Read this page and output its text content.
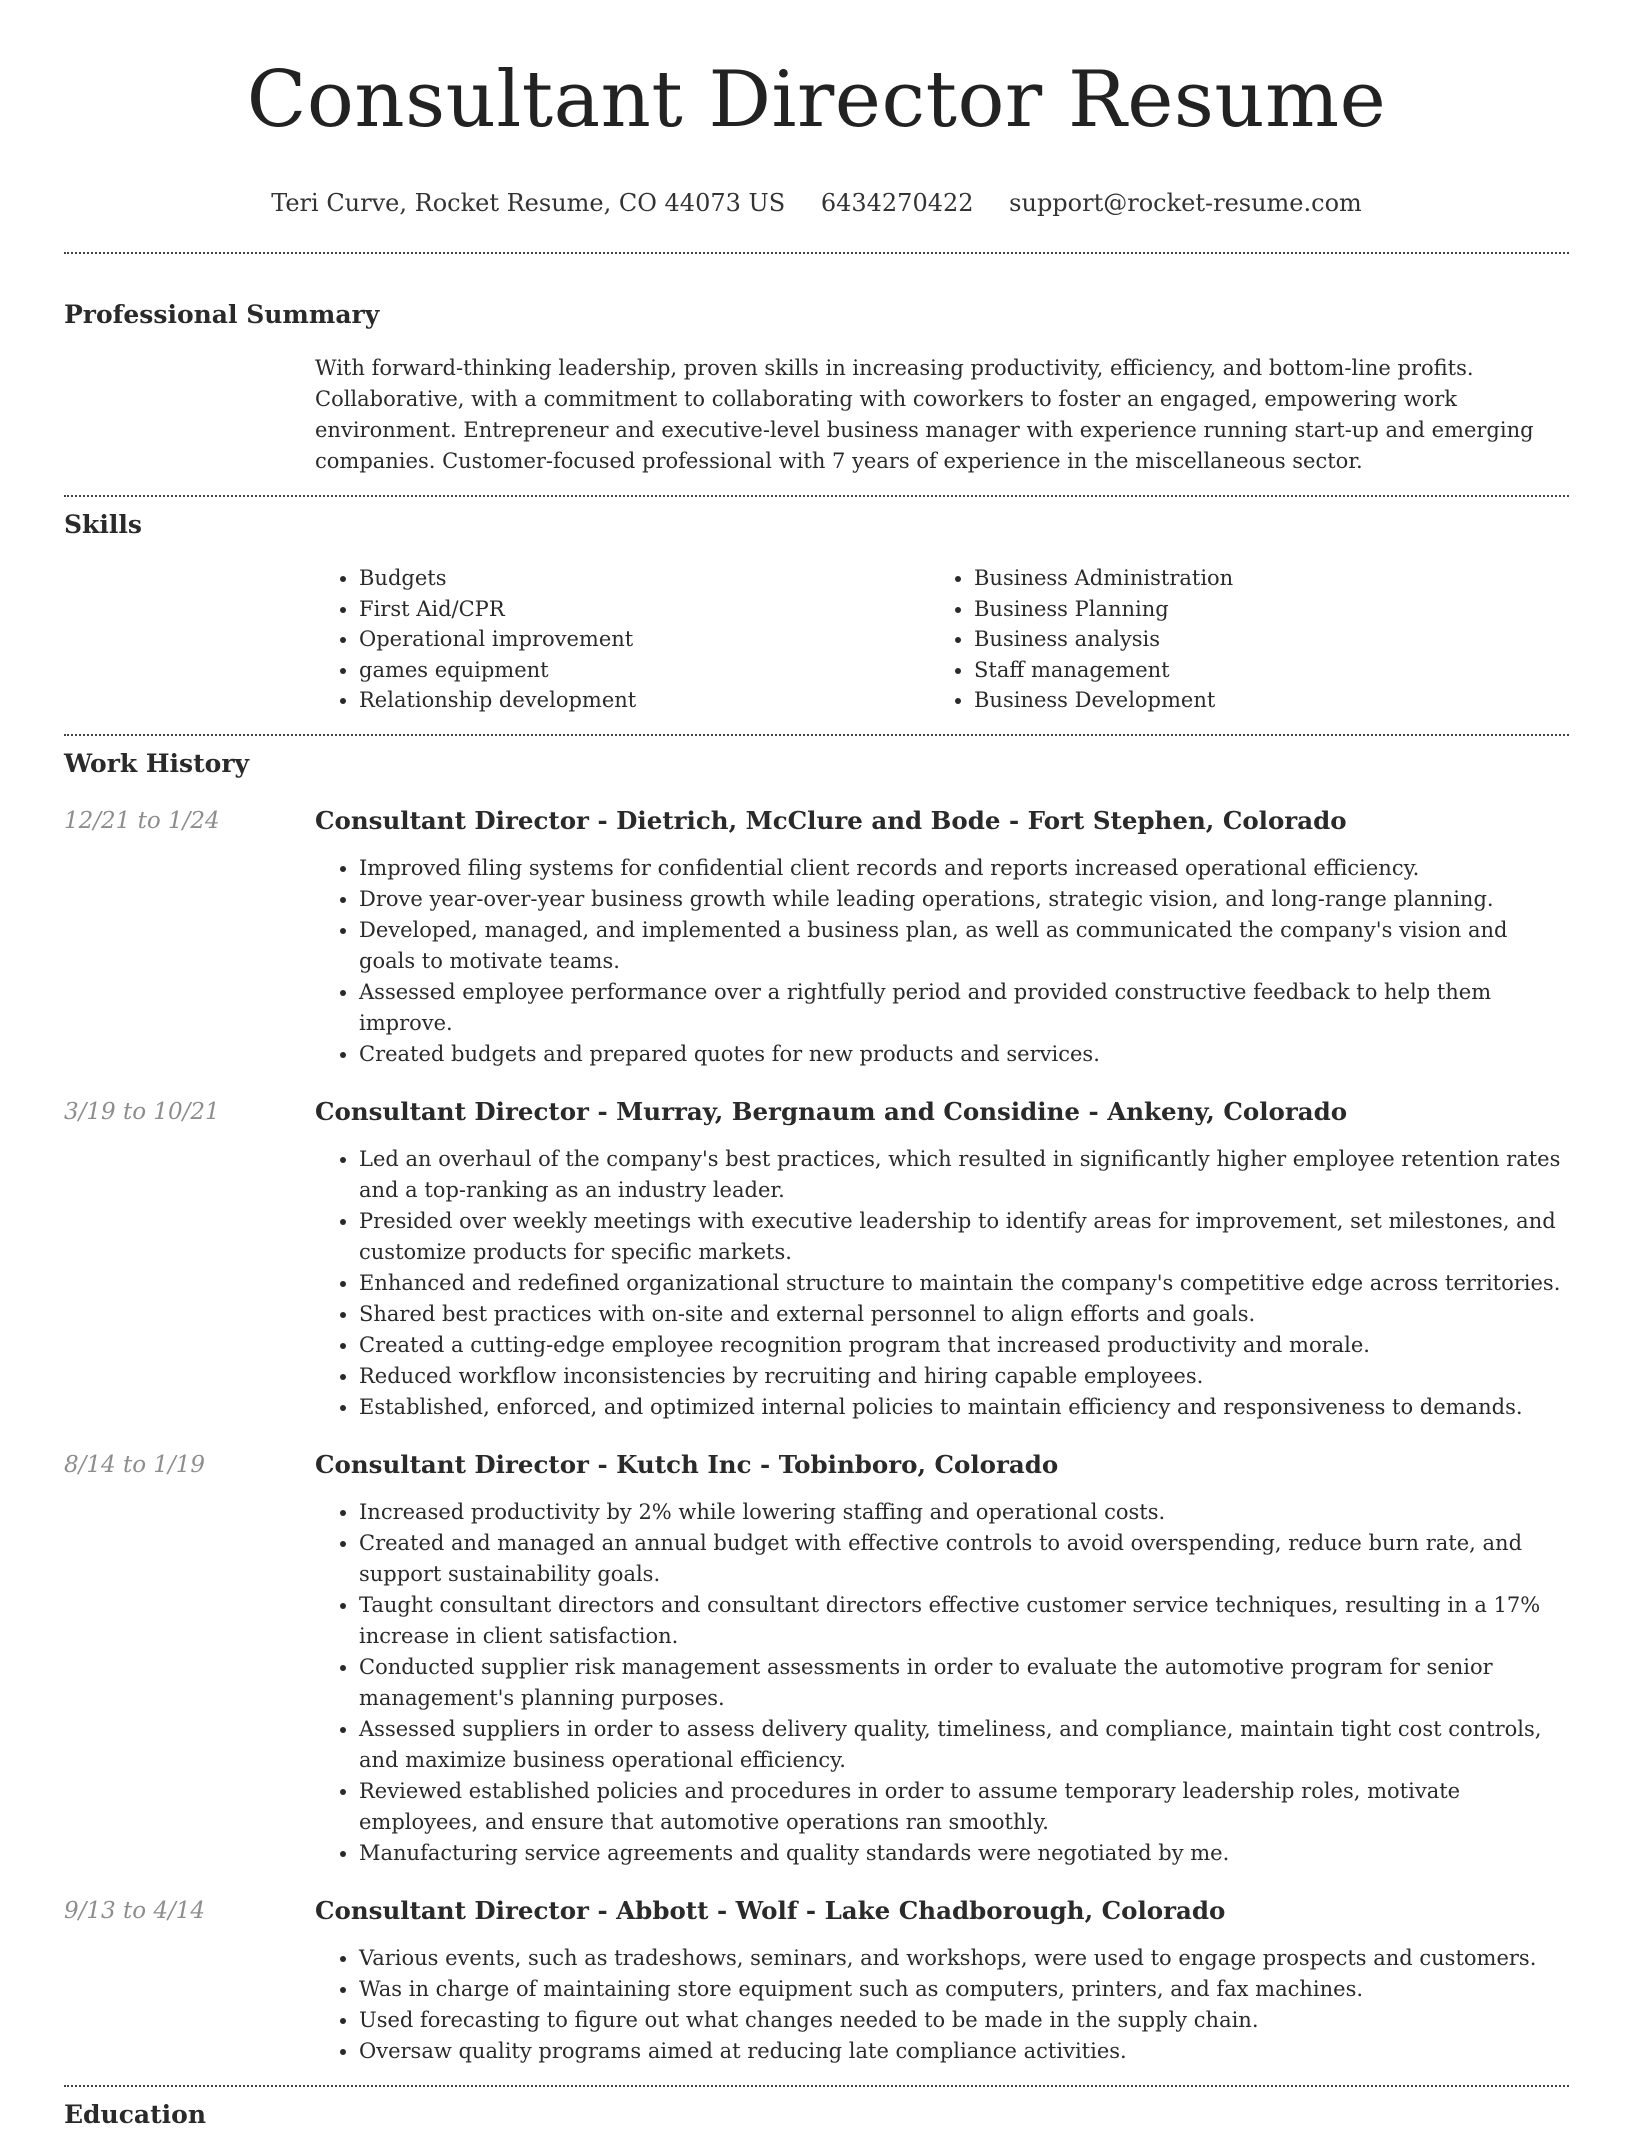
Consultant Director Resume
Teri Curve, Rocket Resume, CO 44073 US 6434270422 support@rocket-resume.com
Professional Summary

With forward-thinking leadership, proven skills in increasing productivity, efficiency, and bottom-line profits. Collaborative, with a commitment to collaborating with coworkers to foster an engaged, empowering work environment. Entrepreneur and executive-level business manager with experience running start-up and emerging companies. Customer-focused professional with 7 years of experience in the miscellaneous sector.

Skills
• Budgets
• First Aid/CPR
• Operational improvement
• games equipment
• Relationship development
• Business Administration
• Business Planning
• Business analysis
• Staff management
• Business Development
Work History
12/21 to 1/24	Consultant Director - Dietrich, McClure and Bode - Fort Stephen, Colorado
• Improved filing systems for confidential client records and reports increased operational efficiency.
• Drove year-over-year business growth while leading operations, strategic vision, and long-range planning.
• Developed, managed, and implemented a business plan, as well as communicated the company's vision and goals to motivate teams.
• Assessed employee performance over a rightfully period and provided constructive feedback to help them improve.
• Created budgets and prepared quotes for new products and services.
3/19 to 10/21	Consultant Director - Murray, Bergnaum and Considine - Ankeny, Colorado
• Led an overhaul of the company's best practices, which resulted in significantly higher employee retention rates and a top-ranking as an industry leader.
• Presided over weekly meetings with executive leadership to identify areas for improvement, set milestones, and customize products for specific markets.
• Enhanced and redefined organizational structure to maintain the company's competitive edge across territories.
• Shared best practices with on-site and external personnel to align efforts and goals.
• Created a cutting-edge employee recognition program that increased productivity and morale.
• Reduced workflow inconsistencies by recruiting and hiring capable employees.
• Established, enforced, and optimized internal policies to maintain efficiency and responsiveness to demands.
8/14 to 1/19	Consultant Director - Kutch Inc - Tobinboro, Colorado
• Increased productivity by 2% while lowering staffing and operational costs.
• Created and managed an annual budget with effective controls to avoid overspending, reduce burn rate, and support sustainability goals.
• Taught consultant directors and consultant directors effective customer service techniques, resulting in a 17% increase in client satisfaction.
• Conducted supplier risk management assessments in order to evaluate the automotive program for senior management's planning purposes.
• Assessed suppliers in order to assess delivery quality, timeliness, and compliance, maintain tight cost controls, and maximize business operational efficiency.
• Reviewed established policies and procedures in order to assume temporary leadership roles, motivate employees, and ensure that automotive operations ran smoothly.
• Manufacturing service agreements and quality standards were negotiated by me.
9/13 to 4/14	Consultant Director - Abbott - Wolf - Lake Chadborough, Colorado
• Various events, such as tradeshows, seminars, and workshops, were used to engage prospects and customers.
• Was in charge of maintaining store equipment such as computers, printers, and fax machines.
• Used forecasting to figure out what changes needed to be made in the supply chain.
• Oversaw quality programs aimed at reducing late compliance activities.
Education
